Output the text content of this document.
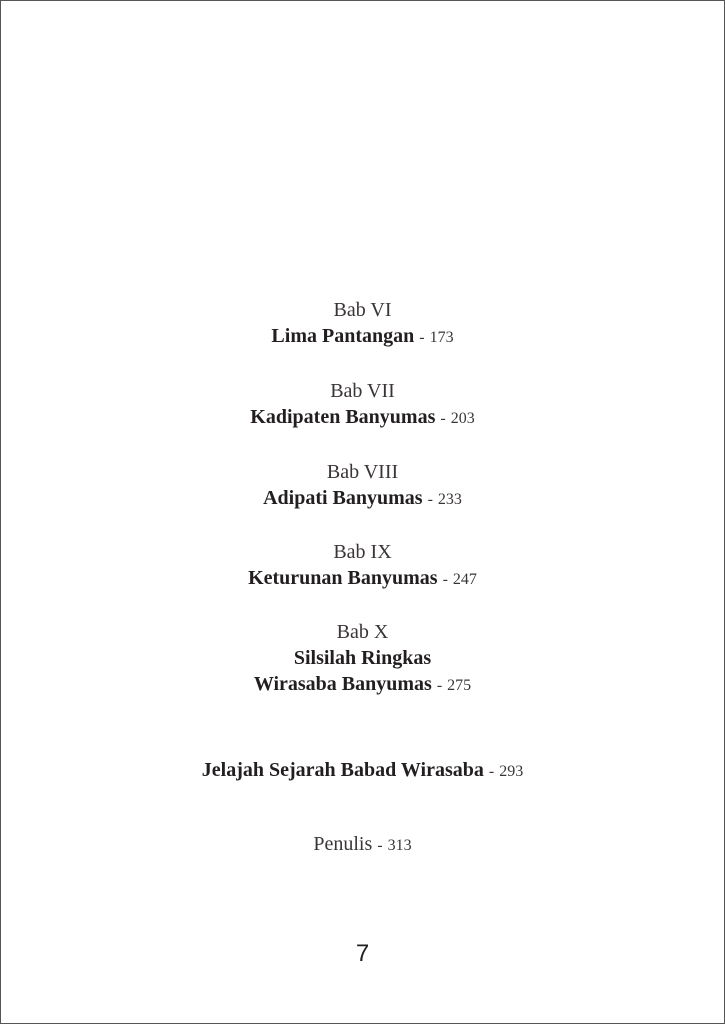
Bab VI
Lima Pantangan - 173
Bab VII
Kadipaten Banyumas - 203
Bab VIII
Adipati Banyumas - 233
Bab IX
Keturunan Banyumas - 247
Bab X
Silsilah Ringkas
Wirasaba Banyumas - 275
Jelajah Sejarah Babad Wirasaba - 293
Penulis - 313
7
